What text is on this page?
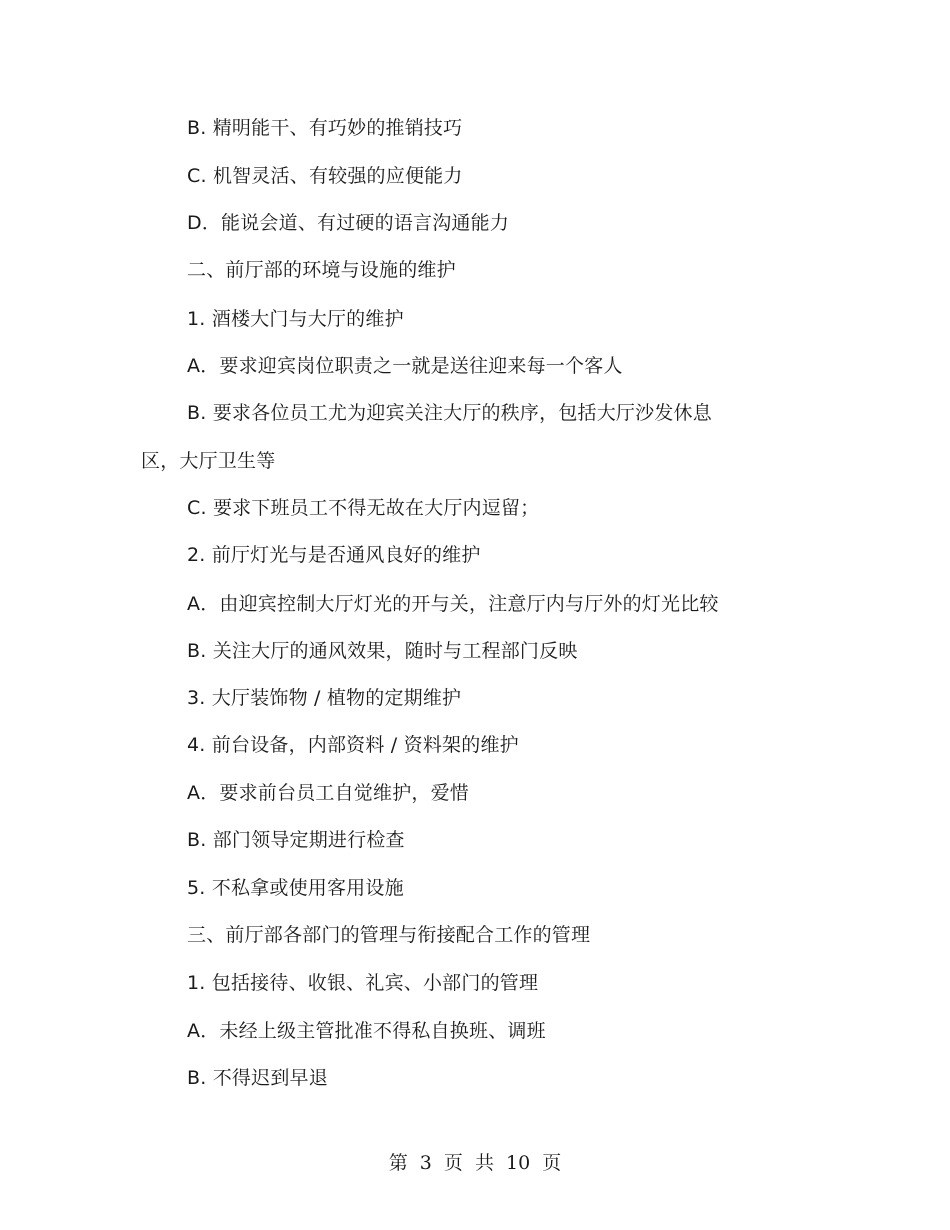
B. 精明能干、有巧妙的推销技巧
C. 机智灵活、有较强的应便能力
D．能说会道、有过硬的语言沟通能力
二、前厅部的环境与设施的维护
1. 酒楼大门与大厅的维护
A．要求迎宾岗位职责之一就是送往迎来每一个客人
B. 要求各位员工尤为迎宾关注大厅的秩序，包括大厅沙发休息
区，大厅卫生等
C. 要求下班员工不得无故在大厅内逗留；
2. 前厅灯光与是否通风良好的维护
A．由迎宾控制大厅灯光的开与关，注意厅内与厅外的灯光比较
B. 关注大厅的通风效果，随时与工程部门反映
3. 大厅装饰物 / 植物的定期维护
4. 前台设备，内部资料 / 资料架的维护
A．要求前台员工自觉维护，爱惜
B. 部门领导定期进行检查
5. 不私拿或使用客用设施
三、前厅部各部门的管理与衔接配合工作的管理
1. 包括接待、收银、礼宾、小部门的管理
A．未经上级主管批准不得私自换班、调班
B. 不得迟到早退
第 3 页 共 10 页
